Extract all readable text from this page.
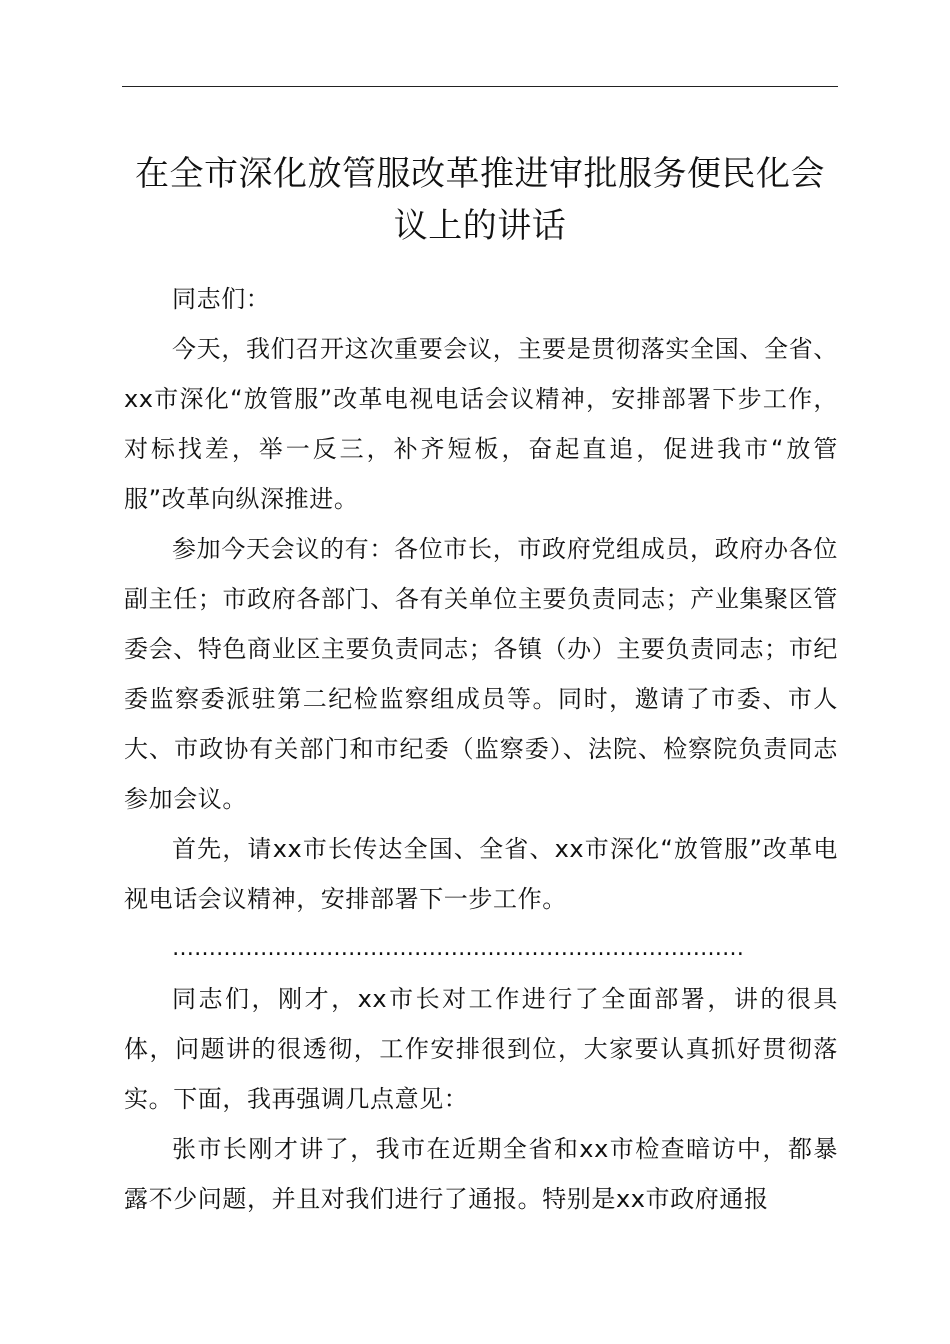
在全市深化放管服改革推进审批服务便民化会
议上的讲话

同志们：

今天，我们召开这次重要会议，主要是贯彻落实全国、全省、xx市深化“放管服”改革电视电话会议精神，安排部署下步工作，对标找差，举一反三，补齐短板，奋起直追，促进我市“放管服”改革向纵深推进。

参加今天会议的有：各位市长，市政府党组成员，政府办各位副主任；市政府各部门、各有关单位主要负责同志；产业集聚区管委会、特色商业区主要负责同志；各镇（办）主要负责同志；市纪委监察委派驻第二纪检监察组成员等。同时，邀请了市委、市人大、市政协有关部门和市纪委（监察委）、法院、检察院负责同志参加会议。

首先，请xx市长传达全国、全省、xx市深化“放管服”改革电视电话会议精神，安排部署下一步工作。

……………………………………………………………………

同志们，刚才，xx市长对工作进行了全面部署，讲的很具体，问题讲的很透彻，工作安排很到位，大家要认真抓好贯彻落实。下面，我再强调几点意见：

张市长刚才讲了，我市在近期全省和xx市检查暗访中，都暴露不少问题，并且对我们进行了通报。特别是xx市政府通报
